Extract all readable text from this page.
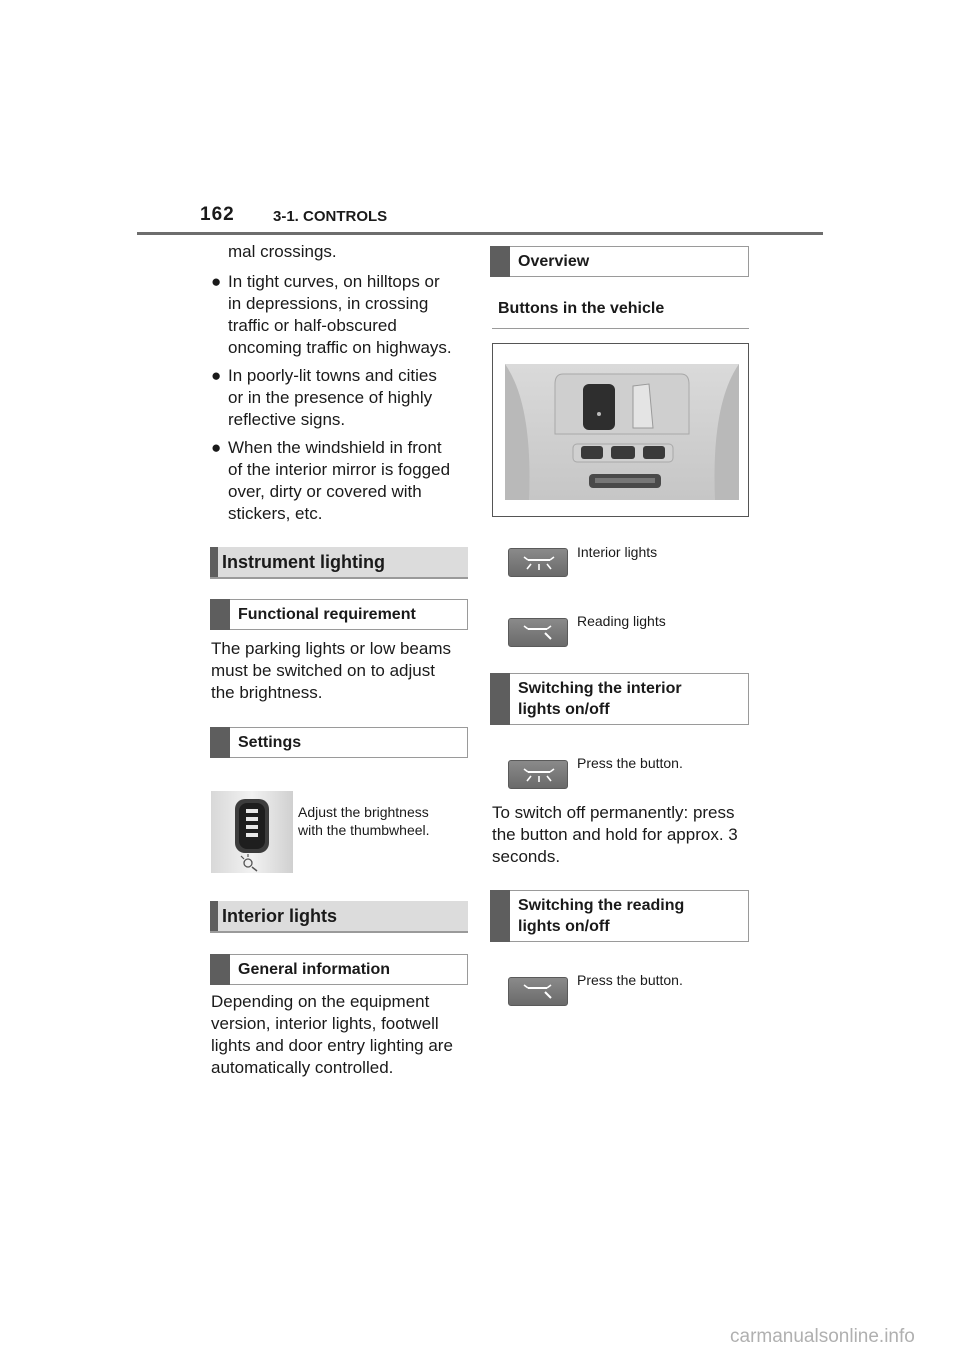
162	3-1. CONTROLS
mal crossings.
● In tight curves, on hilltops or
in depressions, in crossing
traffic or half-obscured
oncoming traffic on highways.
● In poorly-lit towns and cities
or in the presence of highly
reflective signs.
● When the windshield in front
of the interior mirror is fogged
over, dirty or covered with
stickers, etc.
Instrument lighting
Functional requirement
The parking lights or low beams
must be switched on to adjust
the brightness.
Settings
Adjust the brightness
with the thumbwheel.
Interior lights
General information
Depending on the equipment
version, interior lights, footwell
lights and door entry lighting are
automatically controlled.
Overview
Buttons in the vehicle
Interior lights
Reading lights
Switching the interior
lights on/off
Press the button.
To switch off permanently: press
the button and hold for approx. 3
seconds.
Switching the reading
lights on/off
Press the button.
carmanualsonline.info
